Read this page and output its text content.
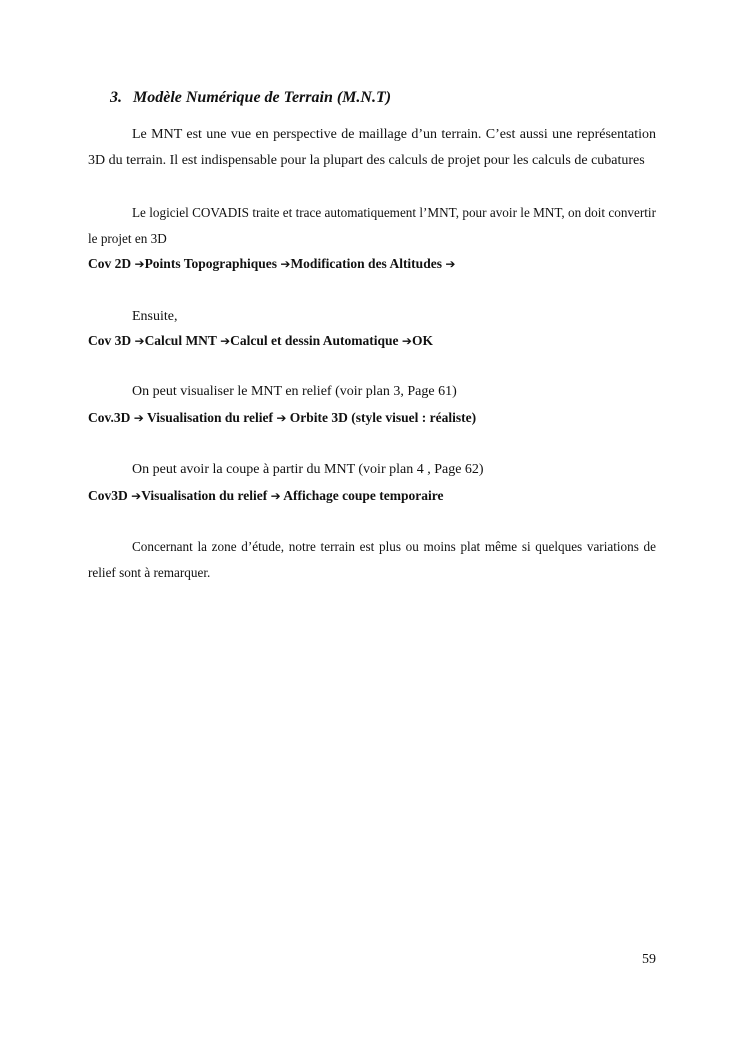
3. Modèle Numérique de Terrain (M.N.T)

Le MNT est une vue en perspective de maillage d’un terrain. C’est aussi une représentation 3D du terrain. Il est indispensable pour la plupart des calculs de projet pour les calculs de cubatures

Le logiciel COVADIS traite et trace automatiquement l’MNT, pour avoir le MNT, on doit convertir le projet en 3D

Cov 2D ➔Points Topographiques ➔Modification des Altitudes ➔

Ensuite,

Cov 3D ➔Calcul MNT ➔Calcul et dessin Automatique ➔OK

On peut visualiser le MNT en relief (voir plan 3, Page 61)

Cov.3D ➔ Visualisation du relief ➔ Orbite 3D (style visuel : réaliste)

On peut avoir la coupe à partir du MNT (voir plan 4 , Page 62)

Cov3D ➔Visualisation du relief ➔ Affichage coupe temporaire

Concernant la zone d’étude, notre terrain est plus ou moins plat même si quelques variations de relief sont à remarquer.

59
